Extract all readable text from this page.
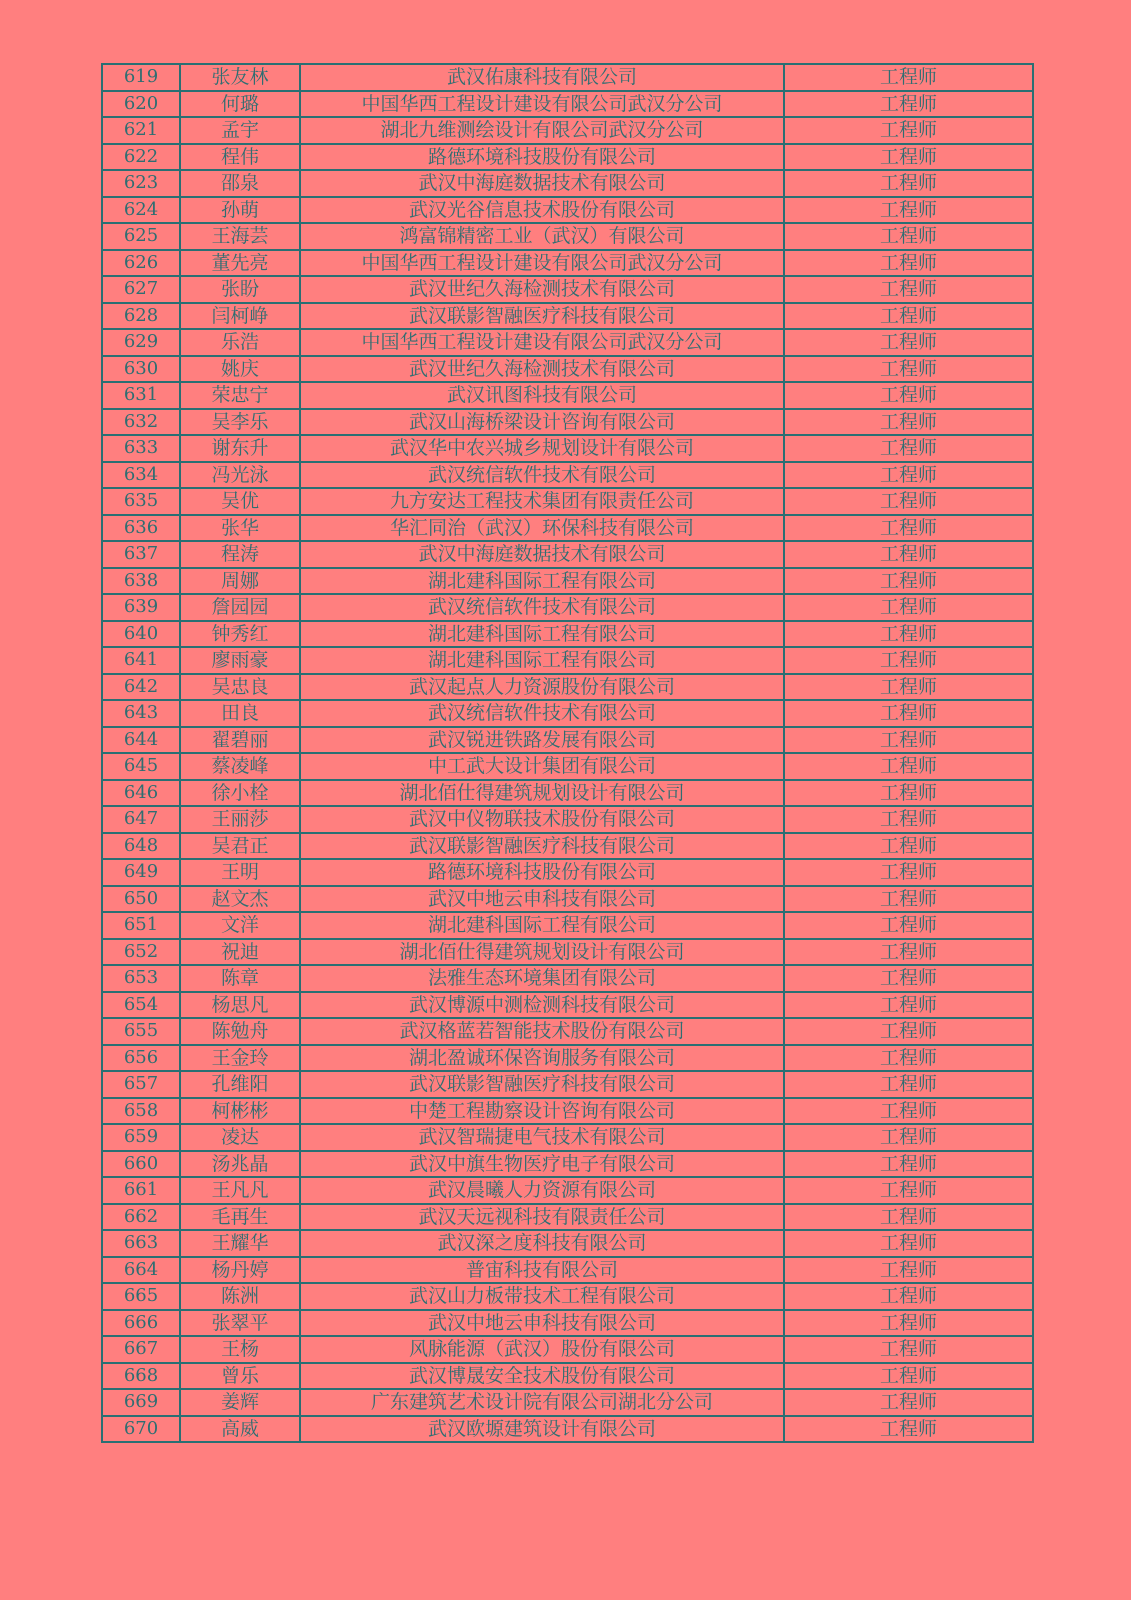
619	张友林	武汉佑康科技有限公司	工程师
620	何璐	中国华西工程设计建设有限公司武汉分公司	工程师
621	孟宇	湖北九维测绘设计有限公司武汉分公司	工程师
622	程伟	路德环境科技股份有限公司	工程师
623	邵泉	武汉中海庭数据技术有限公司	工程师
624	孙萌	武汉光谷信息技术股份有限公司	工程师
625	王海芸	鸿富锦精密工业（武汉）有限公司	工程师
626	董先亮	中国华西工程设计建设有限公司武汉分公司	工程师
627	张盼	武汉世纪久海检测技术有限公司	工程师
628	闫柯峥	武汉联影智融医疗科技有限公司	工程师
629	乐浩	中国华西工程设计建设有限公司武汉分公司	工程师
630	姚庆	武汉世纪久海检测技术有限公司	工程师
631	荣忠宁	武汉讯图科技有限公司	工程师
632	吴李乐	武汉山海桥梁设计咨询有限公司	工程师
633	谢东升	武汉华中农兴城乡规划设计有限公司	工程师
634	冯光泳	武汉统信软件技术有限公司	工程师
635	吴优	九方安达工程技术集团有限责任公司	工程师
636	张华	华汇同治（武汉）环保科技有限公司	工程师
637	程涛	武汉中海庭数据技术有限公司	工程师
638	周娜	湖北建科国际工程有限公司	工程师
639	詹园园	武汉统信软件技术有限公司	工程师
640	钟秀红	湖北建科国际工程有限公司	工程师
641	廖雨豪	湖北建科国际工程有限公司	工程师
642	吴忠良	武汉起点人力资源股份有限公司	工程师
643	田良	武汉统信软件技术有限公司	工程师
644	翟碧丽	武汉锐进铁路发展有限公司	工程师
645	蔡凌峰	中工武大设计集团有限公司	工程师
646	徐小栓	湖北佰仕得建筑规划设计有限公司	工程师
647	王丽莎	武汉中仪物联技术股份有限公司	工程师
648	吴君正	武汉联影智融医疗科技有限公司	工程师
649	王明	路德环境科技股份有限公司	工程师
650	赵文杰	武汉中地云申科技有限公司	工程师
651	文洋	湖北建科国际工程有限公司	工程师
652	祝迪	湖北佰仕得建筑规划设计有限公司	工程师
653	陈章	法雅生态环境集团有限公司	工程师
654	杨思凡	武汉博源中测检测科技有限公司	工程师
655	陈勉舟	武汉格蓝若智能技术股份有限公司	工程师
656	王金玲	湖北盈诚环保咨询服务有限公司	工程师
657	孔维阳	武汉联影智融医疗科技有限公司	工程师
658	柯彬彬	中楚工程勘察设计咨询有限公司	工程师
659	凌达	武汉智瑞捷电气技术有限公司	工程师
660	汤兆晶	武汉中旗生物医疗电子有限公司	工程师
661	王凡凡	武汉晨曦人力资源有限公司	工程师
662	毛再生	武汉天远视科技有限责任公司	工程师
663	王耀华	武汉深之度科技有限公司	工程师
664	杨丹婷	普宙科技有限公司	工程师
665	陈洲	武汉山力板带技术工程有限公司	工程师
666	张翠平	武汉中地云申科技有限公司	工程师
667	王杨	风脉能源（武汉）股份有限公司	工程师
668	曾乐	武汉博晟安全技术股份有限公司	工程师
669	姜辉	广东建筑艺术设计院有限公司湖北分公司	工程师
670	高威	武汉欧塬建筑设计有限公司	工程师
